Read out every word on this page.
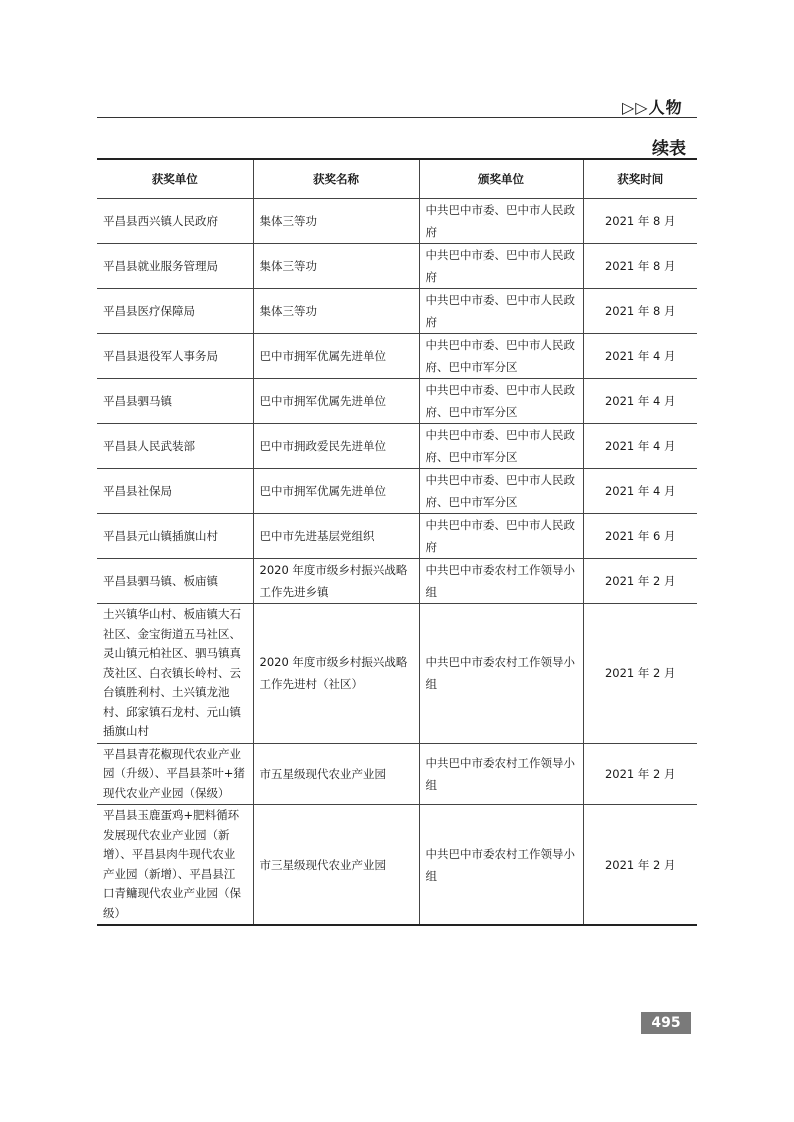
▷▷人物
续表
获奖单位	获奖名称	颁奖单位	获奖时间
平昌县西兴镇人民政府	集体三等功	中共巴中市委、巴中市人民政府	2021 年 8 月
平昌县就业服务管理局	集体三等功	中共巴中市委、巴中市人民政府	2021 年 8 月
平昌县医疗保障局	集体三等功	中共巴中市委、巴中市人民政府	2021 年 8 月
平昌县退役军人事务局	巴中市拥军优属先进单位	中共巴中市委、巴中市人民政府、巴中市军分区	2021 年 4 月
平昌县驷马镇	巴中市拥军优属先进单位	中共巴中市委、巴中市人民政府、巴中市军分区	2021 年 4 月
平昌县人民武装部	巴中市拥政爱民先进单位	中共巴中市委、巴中市人民政府、巴中市军分区	2021 年 4 月
平昌县社保局	巴中市拥军优属先进单位	中共巴中市委、巴中市人民政府、巴中市军分区	2021 年 4 月
平昌县元山镇插旗山村	巴中市先进基层党组织	中共巴中市委、巴中市人民政府	2021 年 6 月
平昌县驷马镇、板庙镇	2020 年度市级乡村振兴战略工作先进乡镇	中共巴中市委农村工作领导小组	2021 年 2 月
土兴镇华山村、板庙镇大石社区、金宝街道五马社区、灵山镇元柏社区、驷马镇真茂社区、白衣镇长岭村、云台镇胜利村、土兴镇龙池村、邱家镇石龙村、元山镇插旗山村	2020 年度市级乡村振兴战略工作先进村（社区）	中共巴中市委农村工作领导小组	2021 年 2 月
平昌县青花椒现代农业产业园（升级）、平昌县茶叶+猪现代农业产业园（保级）	市五星级现代农业产业园	中共巴中市委农村工作领导小组	2021 年 2 月
平昌县玉鹿蛋鸡+肥料循环发展现代农业产业园（新增）、平昌县肉牛现代农业产业园（新增）、平昌县江口青鳙现代农业产业园（保级）	市三星级现代农业产业园	中共巴中市委农村工作领导小组	2021 年 2 月
495
